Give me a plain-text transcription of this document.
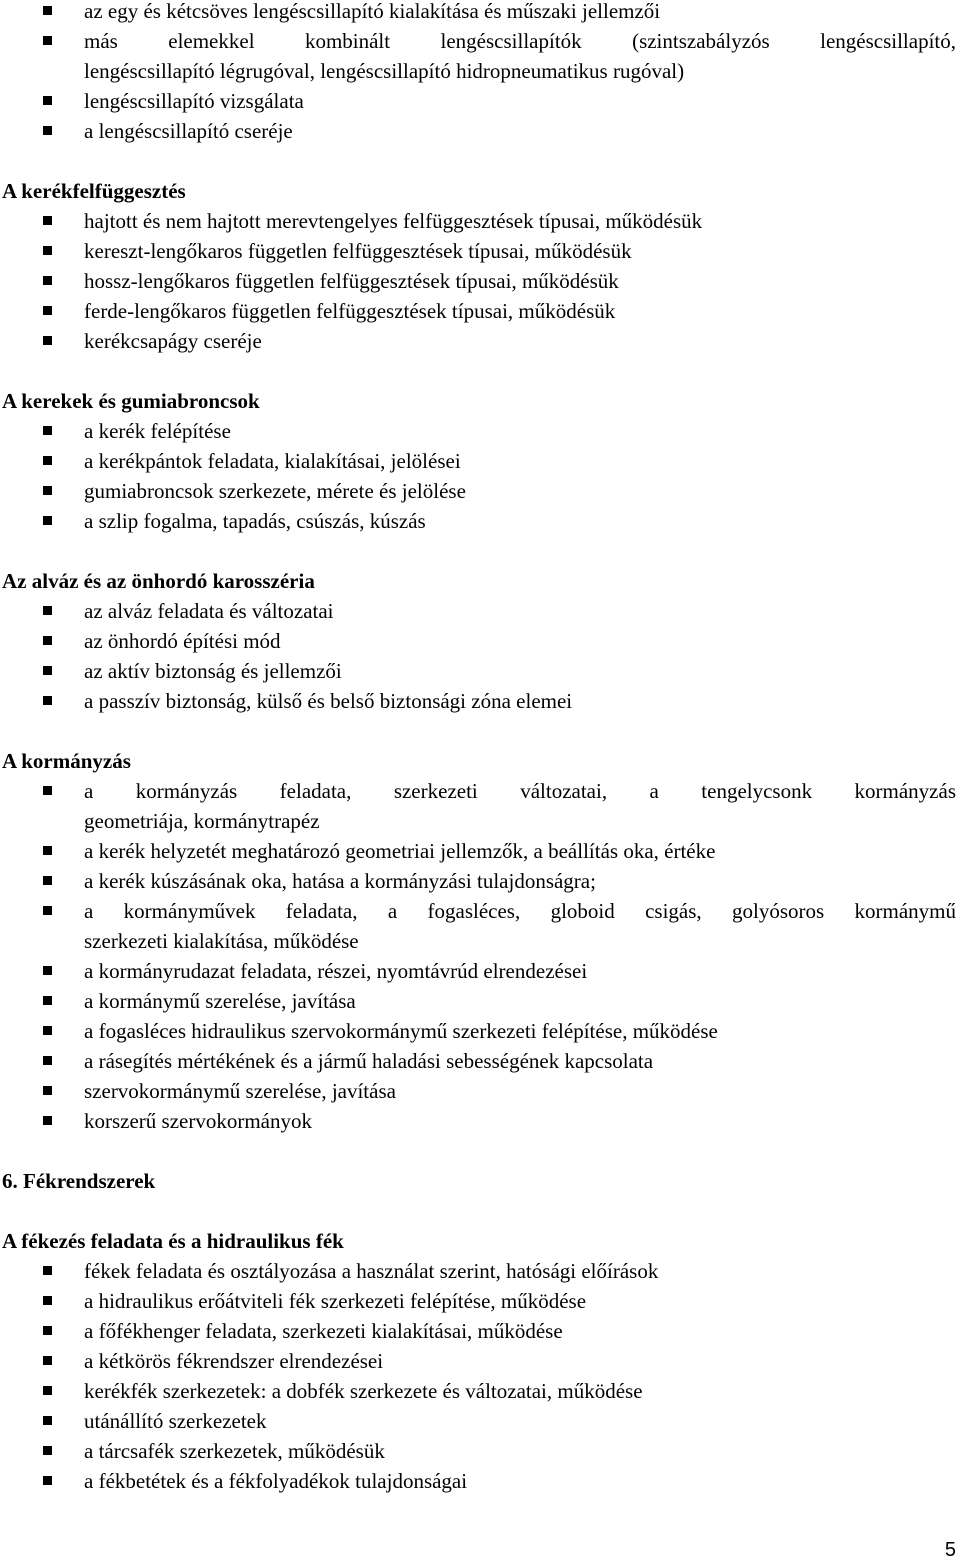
az egy és kétcsöves lengéscsillapító kialakítása és műszaki jellemzői
más elemekkel kombinált lengéscsillapítók (szintszabályzós lengéscsillapító,
lengéscsillapító légrugóval, lengéscsillapító hidropneumatikus rugóval)
lengéscsillapító vizsgálata
a lengéscsillapító cseréje
A kerékfelfüggesztés
hajtott és nem hajtott merevtengelyes felfüggesztések típusai, működésük
kereszt-lengőkaros független felfüggesztések típusai, működésük
hossz-lengőkaros független felfüggesztések típusai, működésük
ferde-lengőkaros független felfüggesztések típusai, működésük
kerékcsapágy cseréje
A kerekek és gumiabroncsok
a kerék felépítése
a kerékpántok feladata, kialakításai, jelölései
gumiabroncsok szerkezete, mérete és jelölése
a szlip fogalma, tapadás, csúszás, kúszás
Az alváz és az önhordó karosszéria
az alváz feladata és változatai
az önhordó építési mód
az aktív biztonság és jellemzői
a passzív biztonság, külső és belső biztonsági zóna elemei
A kormányzás
a kormányzás feladata, szerkezeti változatai, a tengelycsonk kormányzás
geometriája, kormánytrapéz
a kerék helyzetét meghatározó geometriai jellemzők, a beállítás oka, értéke
a kerék kúszásának oka, hatása a kormányzási tulajdonságra;
a kormányművek feladata, a fogasléces, globoid csigás, golyósoros kormánymű
szerkezeti kialakítása, működése
a kormányrudazat feladata, részei, nyomtávrúd elrendezései
a kormánymű szerelése, javítása
a fogasléces hidraulikus szervokormánymű szerkezeti felépítése, működése
a rásegítés mértékének és a jármű haladási sebességének kapcsolata
szervokormánymű szerelése, javítása
korszerű szervokormányok
6. Fékrendszerek
A fékezés feladata és a hidraulikus fék
fékek feladata és osztályozása a használat szerint, hatósági előírások
a hidraulikus erőátviteli fék szerkezeti felépítése, működése
a főfékhenger feladata, szerkezeti kialakításai, működése
a kétkörös fékrendszer elrendezései
kerékfék szerkezetek: a dobfék szerkezete és változatai, működése
utánállító szerkezetek
a tárcsafék szerkezetek, működésük
a fékbetétek és a fékfolyadékok tulajdonságai
5
